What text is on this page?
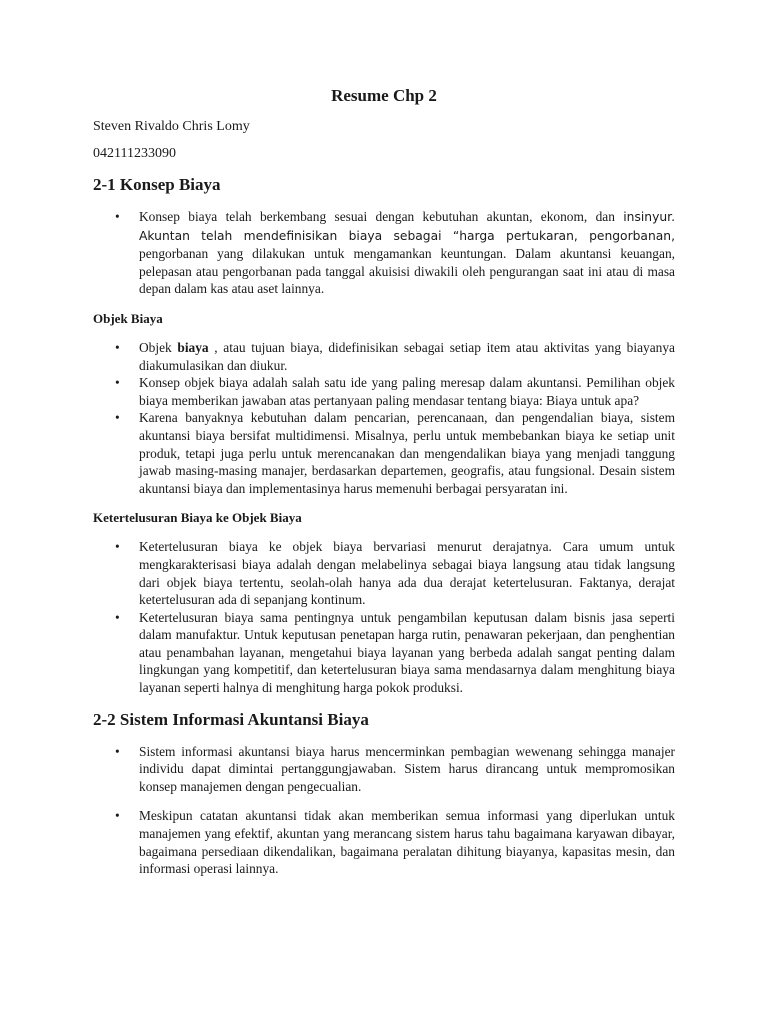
Resume Chp 2

Steven Rivaldo Chris Lomy

042111233090

2-1 Konsep Biaya
• Konsep biaya telah berkembang sesuai dengan kebutuhan akuntan, ekonom, dan insinyur. Akuntan telah mendefinisikan biaya sebagai “harga pertukaran, pengorbanan, pengorbanan yang dilakukan untuk mengamankan keuntungan. Dalam akuntansi keuangan, pelepasan atau pengorbanan pada tanggal akuisisi diwakili oleh pengurangan saat ini atau di masa depan dalam kas atau aset lainnya.
Objek Biaya
• Objek biaya , atau tujuan biaya, didefinisikan sebagai setiap item atau aktivitas yang biayanya diakumulasikan dan diukur.
• Konsep objek biaya adalah salah satu ide yang paling meresap dalam akuntansi. Pemilihan objek biaya memberikan jawaban atas pertanyaan paling mendasar tentang biaya: Biaya untuk apa?
• Karena banyaknya kebutuhan dalam pencarian, perencanaan, dan pengendalian biaya, sistem akuntansi biaya bersifat multidimensi. Misalnya, perlu untuk membebankan biaya ke setiap unit produk, tetapi juga perlu untuk merencanakan dan mengendalikan biaya yang menjadi tanggung jawab masing-masing manajer, berdasarkan departemen, geografis, atau fungsional. Desain sistem akuntansi biaya dan implementasinya harus memenuhi berbagai persyaratan ini.
Ketertelusuran Biaya ke Objek Biaya
• Ketertelusuran biaya ke objek biaya bervariasi menurut derajatnya. Cara umum untuk mengkarakterisasi biaya adalah dengan melabelinya sebagai biaya langsung atau tidak langsung dari objek biaya tertentu, seolah-olah hanya ada dua derajat ketertelusuran. Faktanya, derajat ketertelusuran ada di sepanjang kontinum.
• Ketertelusuran biaya sama pentingnya untuk pengambilan keputusan dalam bisnis jasa seperti dalam manufaktur. Untuk keputusan penetapan harga rutin, penawaran pekerjaan, dan penghentian atau penambahan layanan, mengetahui biaya layanan yang berbeda adalah sangat penting dalam lingkungan yang kompetitif, dan ketertelusuran biaya sama mendasarnya dalam menghitung biaya layanan seperti halnya di menghitung harga pokok produksi.
2-2 Sistem Informasi Akuntansi Biaya
• Sistem informasi akuntansi biaya harus mencerminkan pembagian wewenang sehingga manajer individu dapat dimintai pertanggungjawaban. Sistem harus dirancang untuk mempromosikan konsep manajemen dengan pengecualian.
• Meskipun catatan akuntansi tidak akan memberikan semua informasi yang diperlukan untuk manajemen yang efektif, akuntan yang merancang sistem harus tahu bagaimana karyawan dibayar, bagaimana persediaan dikendalikan, bagaimana peralatan dihitung biayanya, kapasitas mesin, dan informasi operasi lainnya.
